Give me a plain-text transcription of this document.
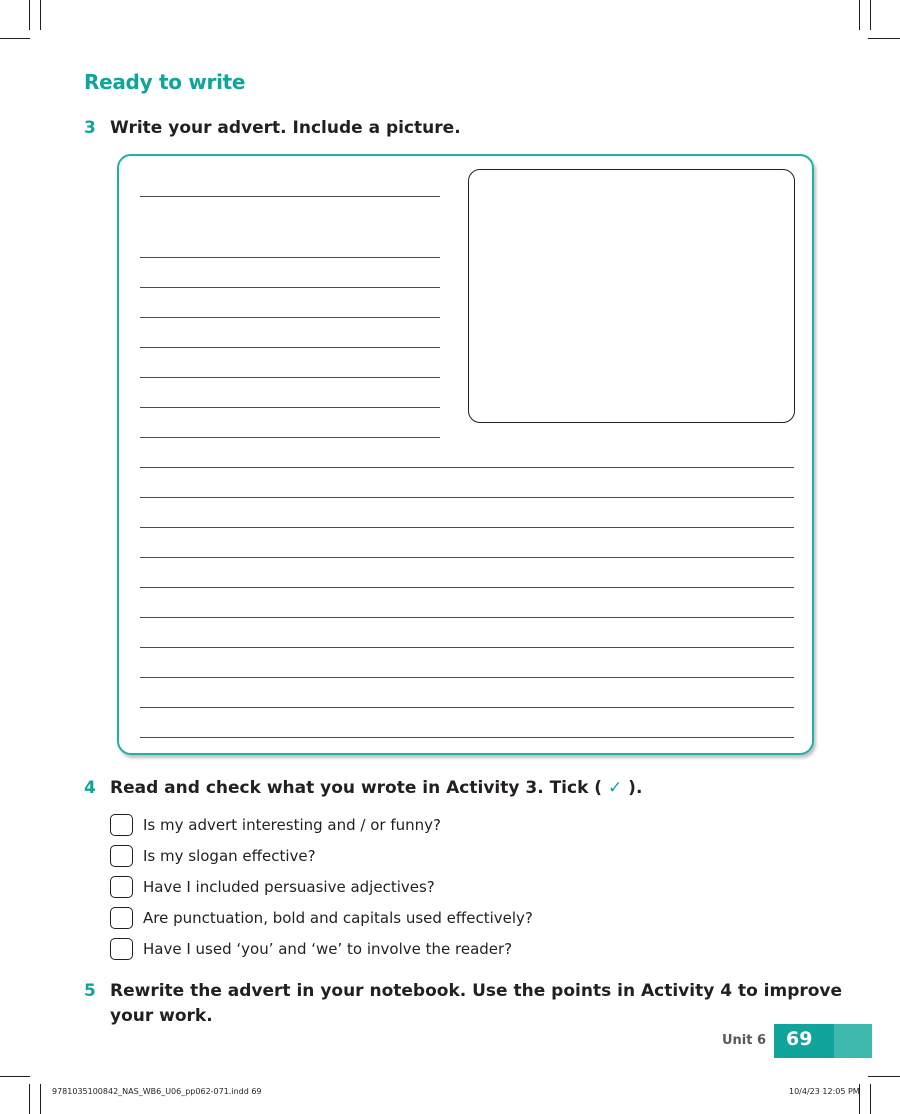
Ready to write
3 Write your advert. Include a picture.
4 Read and check what you wrote in Activity 3. Tick ( ✓ ).
Is my advert interesting and / or funny?
Is my slogan effective?
Have I included persuasive adjectives?
Are punctuation, bold and capitals used effectively?
Have I used ‘you’ and ‘we’ to involve the reader?
5 Rewrite the advert in your notebook. Use the points in Activity 4 to improve
your work.
Unit 6	69
9781035100842_NAS_WB6_U06_pp062-071.indd 69	10/4/23 12:05 PM
